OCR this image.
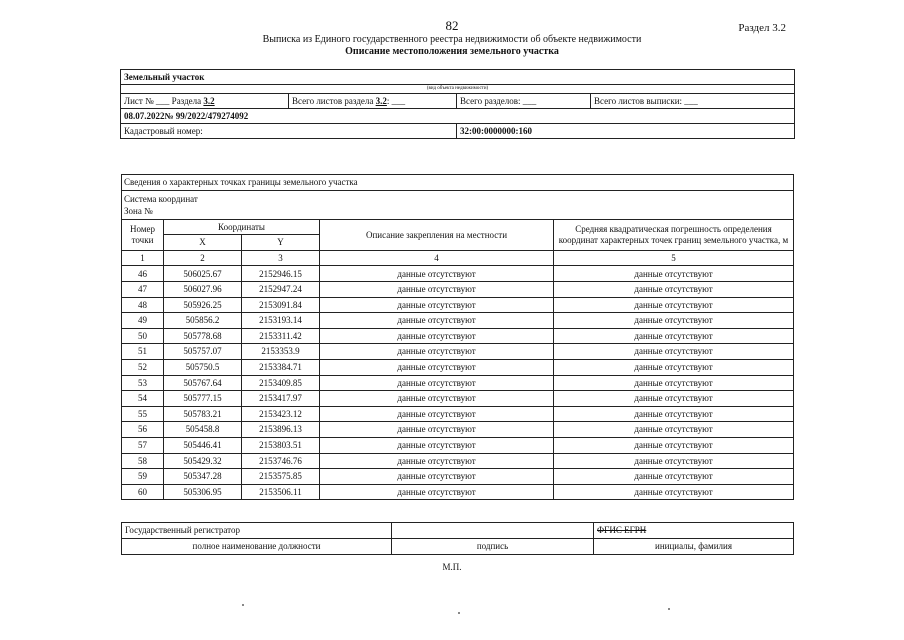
82	Раздел 3.2
Выписка из Единого государственного реестра недвижимости об объекте недвижимости
Описание местоположения земельного участка
Земельный участок			
(вид объекта недвижимости)			
Лист № ___ Раздела 3.2	Всего листов раздела 3.2: ___	Всего разделов: ___	Всего листов выписки: ___
08.07.2022№ 99/2022/479274092			
Кадастровый номер:		32:00:0000000:160	
Сведения о характерных точках границы земельного участка				

Система координат
Зона №				

Номер точки	Координаты		Описание закрепления на местности	Средняя квадратическая погрешность определения координат характерных точек границ земельного участка, м
	X	Y		
1	2	3	4	5
46	506025.67	2152946.15	данные отсутствуют	данные отсутствуют
47	506027.96	2152947.24	данные отсутствуют	данные отсутствуют
48	505926.25	2153091.84	данные отсутствуют	данные отсутствуют
49	505856.2	2153193.14	данные отсутствуют	данные отсутствуют
50	505778.68	2153311.42	данные отсутствуют	данные отсутствуют
51	505757.07	2153353.9	данные отсутствуют	данные отсутствуют
52	505750.5	2153384.71	данные отсутствуют	данные отсутствуют
53	505767.64	2153409.85	данные отсутствуют	данные отсутствуют
54	505777.15	2153417.97	данные отсутствуют	данные отсутствуют
55	505783.21	2153423.12	данные отсутствуют	данные отсутствуют
56	505458.8	2153896.13	данные отсутствуют	данные отсутствуют
57	505446.41	2153803.51	данные отсутствуют	данные отсутствуют
58	505429.32	2153746.76	данные отсутствуют	данные отсутствуют
59	505347.28	2153575.85	данные отсутствуют	данные отсутствуют
60	505306.95	2153506.11	данные отсутствуют	данные отсутствуют
Государственный регистратор		ФГИС ЕГРН
полное наименование должности	подпись	инициалы, фамилия
М.П.
